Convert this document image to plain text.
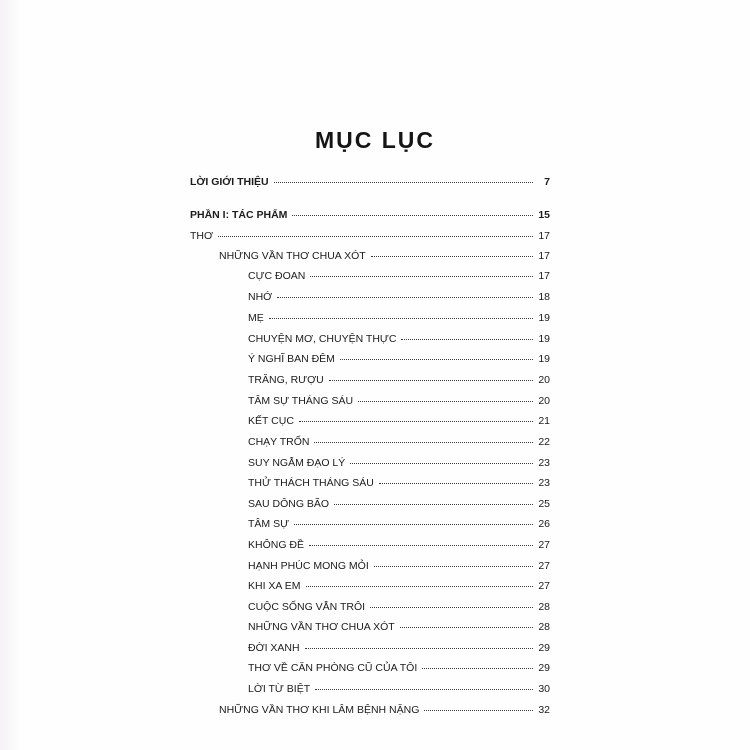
MỤC LỤC
LỜI GIỚI THIỆU	7
PHẦN I: TÁC PHẨM	15
THƠ	17
NHỮNG VẦN THƠ CHUA XÓT	17
CỰC ĐOAN	17
NHỚ	18
MẸ	19
CHUYỆN MƠ, CHUYỆN THỰC	19
Ý NGHĨ BAN ĐÊM	19
TRĂNG, RƯỢU	20
TÂM SỰ THÁNG SÁU	20
KẾT CỤC	21
CHẠY TRỐN	22
SUY NGẪM ĐẠO LÝ	23
THỬ THÁCH THÁNG SÁU	23
SAU DÔNG BÃO	25
TÂM SỰ	26
KHÔNG ĐỀ	27
HẠNH PHÚC MONG MỎI	27
KHI XA EM	27
CUỘC SỐNG VẪN TRÔI	28
NHỮNG VẦN THƠ CHUA XÓT	28
ĐỜI XANH	29
THƠ VỀ CĂN PHÒNG CŨ CỦA TÔI	29
LỜI TỪ BIỆT	30
NHỮNG VẦN THƠ KHI LÂM BỆNH NẶNG	32
